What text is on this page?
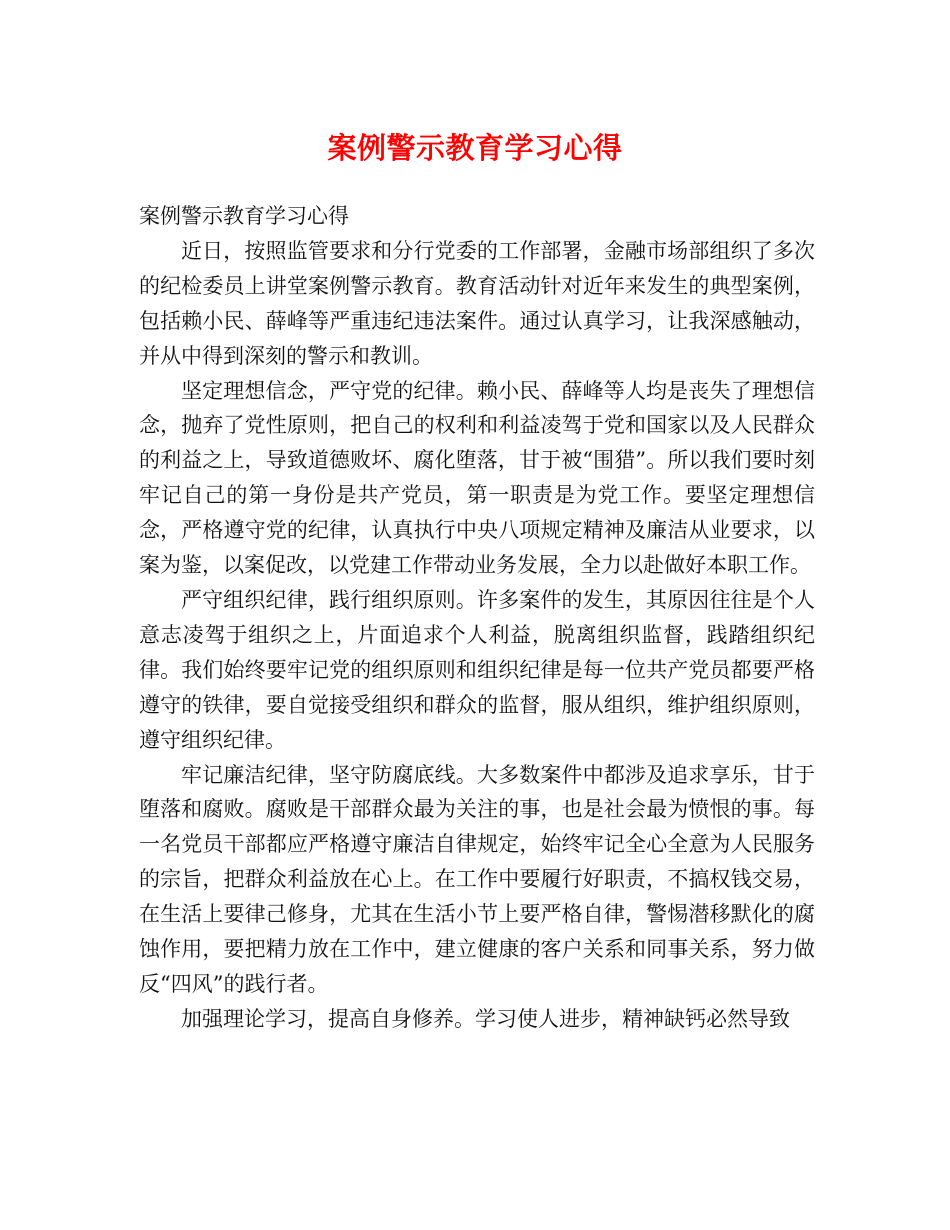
案例警示教育学习心得

案例警示教育学习心得

近日，按照监管要求和分行党委的工作部署，金融市场部组织了多次的纪检委员上讲堂案例警示教育。教育活动针对近年来发生的典型案例，包括赖小民、薛峰等严重违纪违法案件。通过认真学习，让我深感触动，并从中得到深刻的警示和教训。

坚定理想信念，严守党的纪律。赖小民、薛峰等人均是丧失了理想信念，抛弃了党性原则，把自己的权利和利益凌驾于党和国家以及人民群众的利益之上，导致道德败坏、腐化堕落，甘于被“围猎”。所以我们要时刻牢记自己的第一身份是共产党员，第一职责是为党工作。要坚定理想信念，严格遵守党的纪律，认真执行中央八项规定精神及廉洁从业要求，以案为鉴，以案促改，以党建工作带动业务发展，全力以赴做好本职工作。

严守组织纪律，践行组织原则。许多案件的发生，其原因往往是个人意志凌驾于组织之上，片面追求个人利益，脱离组织监督，践踏组织纪律。我们始终要牢记党的组织原则和组织纪律是每一位共产党员都要严格遵守的铁律，要自觉接受组织和群众的监督，服从组织，维护组织原则，遵守组织纪律。

牢记廉洁纪律，坚守防腐底线。大多数案件中都涉及追求享乐，甘于堕落和腐败。腐败是干部群众最为关注的事，也是社会最为愤恨的事。每一名党员干部都应严格遵守廉洁自律规定，始终牢记全心全意为人民服务的宗旨，把群众利益放在心上。在工作中要履行好职责，不搞权钱交易，在生活上要律己修身，尤其在生活小节上要严格自律，警惕潜移默化的腐蚀作用，要把精力放在工作中，建立健康的客户关系和同事关系，努力做反“四风”的践行者。

加强理论学习，提高自身修养。学习使人进步，精神缺钙必然导致
